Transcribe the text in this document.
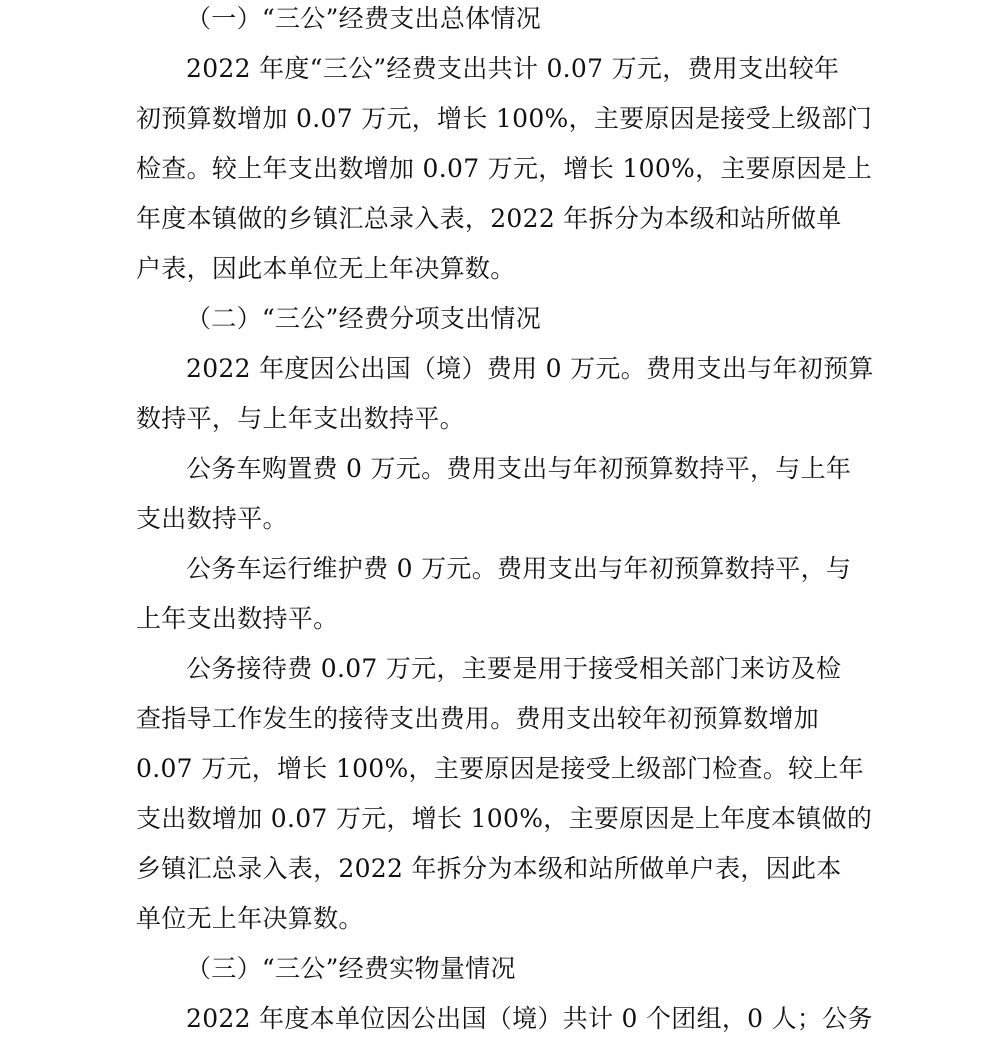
（一）“三公”经费支出总体情况
2022 年度“三公”经费支出共计 0.07 万元，费用支出较年
初预算数增加 0.07 万元，增长 100%，主要原因是接受上级部门
检查。较上年支出数增加 0.07 万元，增长 100%，主要原因是上
年度本镇做的乡镇汇总录入表，2022 年拆分为本级和站所做单
户表，因此本单位无上年决算数。
（二）“三公”经费分项支出情况
2022 年度因公出国（境）费用 0 万元。费用支出与年初预算
数持平，与上年支出数持平。
公务车购置费 0 万元。费用支出与年初预算数持平，与上年
支出数持平。
公务车运行维护费 0 万元。费用支出与年初预算数持平，与
上年支出数持平。
公务接待费 0.07 万元，主要是用于接受相关部门来访及检
查指导工作发生的接待支出费用。费用支出较年初预算数增加
0.07 万元，增长 100%，主要原因是接受上级部门检查。较上年
支出数增加 0.07 万元，增长 100%，主要原因是上年度本镇做的
乡镇汇总录入表，2022 年拆分为本级和站所做单户表，因此本
单位无上年决算数。
（三）“三公”经费实物量情况
2022 年度本单位因公出国（境）共计 0 个团组，0 人；公务
